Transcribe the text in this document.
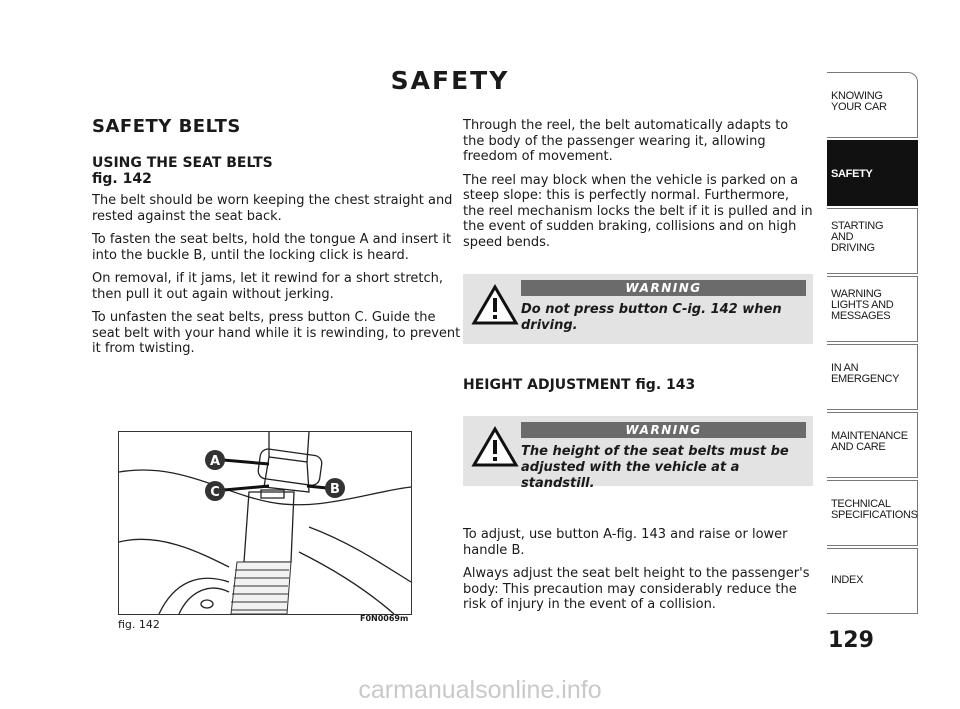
SAFETY
SAFETY BELTS
USING THE SEAT BELTS
fig. 142

The belt should be worn keeping the chest straight and rested against the seat back.

To fasten the seat belts, hold the tongue A and insert it into the buckle B, until the locking click is heard.

On removal, if it jams, let it rewind for a short stretch, then pull it out again without jerking.

To unfasten the seat belts, press button C. Guide the seat belt with your hand while it is rewinding, to prevent it from twisting.

Through the reel, the belt automatically adapts to the body of the passenger wearing it, allowing freedom of movement.

The reel may block when the vehicle is parked on a steep slope: this is perfectly normal. Furthermore, the reel mechanism locks the belt if it is pulled and in the event of sudden braking, collisions and on high speed bends.

WARNING
Do not press button C-ig. 142 when driving.
HEIGHT ADJUSTMENT fig. 143
WARNING
The height of the seat belts must be adjusted with the vehicle at a standstill.

To adjust, use button A-fig. 143 and raise or lower handle B.

Always adjust the seat belt height to the passenger's body: This precaution may considerably reduce the risk of injury in the event of a collision.

A
C	B
fig. 142	F0N0069m
KNOWING
YOUR CAR
SAFETY
STARTING
AND
DRIVING
WARNING
LIGHTS AND
MESSAGES
IN AN
EMERGENCY
MAINTENANCE
AND CARE
TECHNICAL
SPECIFICATIONS
INDEX
129
carmanualsonline.info
